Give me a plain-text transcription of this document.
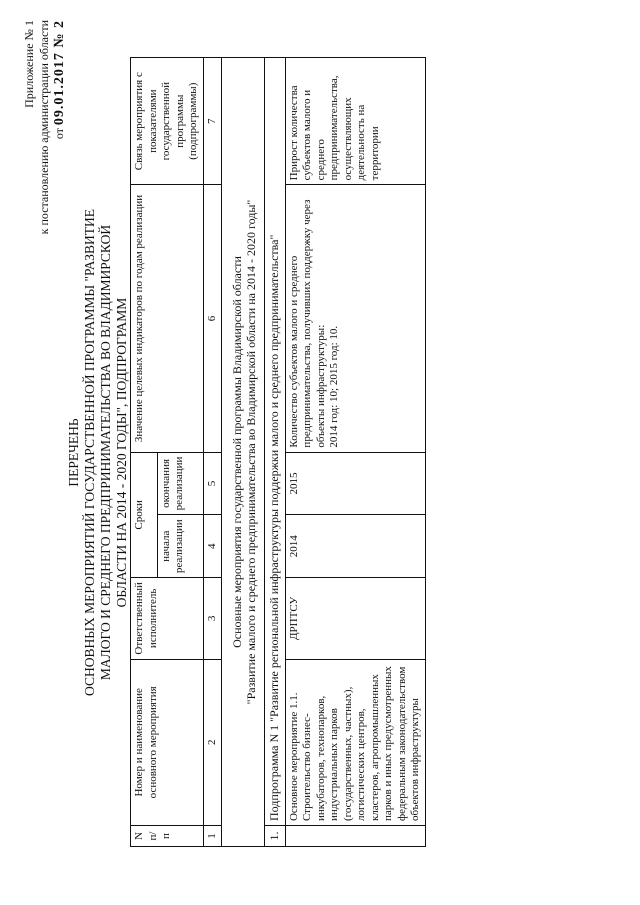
Приложение № 1 к постановлению администрации области от 09.01.2017 № 2
ПЕРЕЧЕНЬ ОСНОВНЫХ МЕРОПРИЯТИЙ ГОСУДАРСТВЕННОЙ ПРОГРАММЫ "РАЗВИТИЕ МАЛОГО И СРЕДНЕГО ПРЕДПРИНИМАТЕЛЬСТВА ВО ВЛАДИМИРСКОЙ ОБЛАСТИ НА 2014 - 2020 ГОДЫ", ПОДПРОГРАММ
N п/п	Номер и наименование основного мероприятия	Ответственный исполнитель	Сроки		Значение целевых индикаторов по годам реализации	Связь мероприятия с показателями государственной программы (подпрограммы)
			начала реализации	окончания реализации		
1	2	3	4	5	6	7

Основные мероприятия государственной программы Владимирской области "Развитие малого и среднего предпринимательства во Владимирской области на 2014 - 2020 годы"						

1.	Подпрограмма N 1 "Развитие региональной инфраструктуры поддержки малого и среднего предпринимательства"					
	Основное мероприятие 1.1. Строительство бизнес-инкубаторов, технопарков, индустриальных парков (государственных, частных), логистических центров, кластеров, агропромышленных парков и иных предусмотренных федеральным законодательством объектов инфраструктуры	ДРПТСУ	2014	2015	Количество субъектов малого и среднего предпринимательства, получивших поддержку через объекты инфраструктуры: 2014 год: 10; 2015 год: 10.	Прирост количества субъектов малого и среднего предпринимательства, осуществляющих деятельность на территории
